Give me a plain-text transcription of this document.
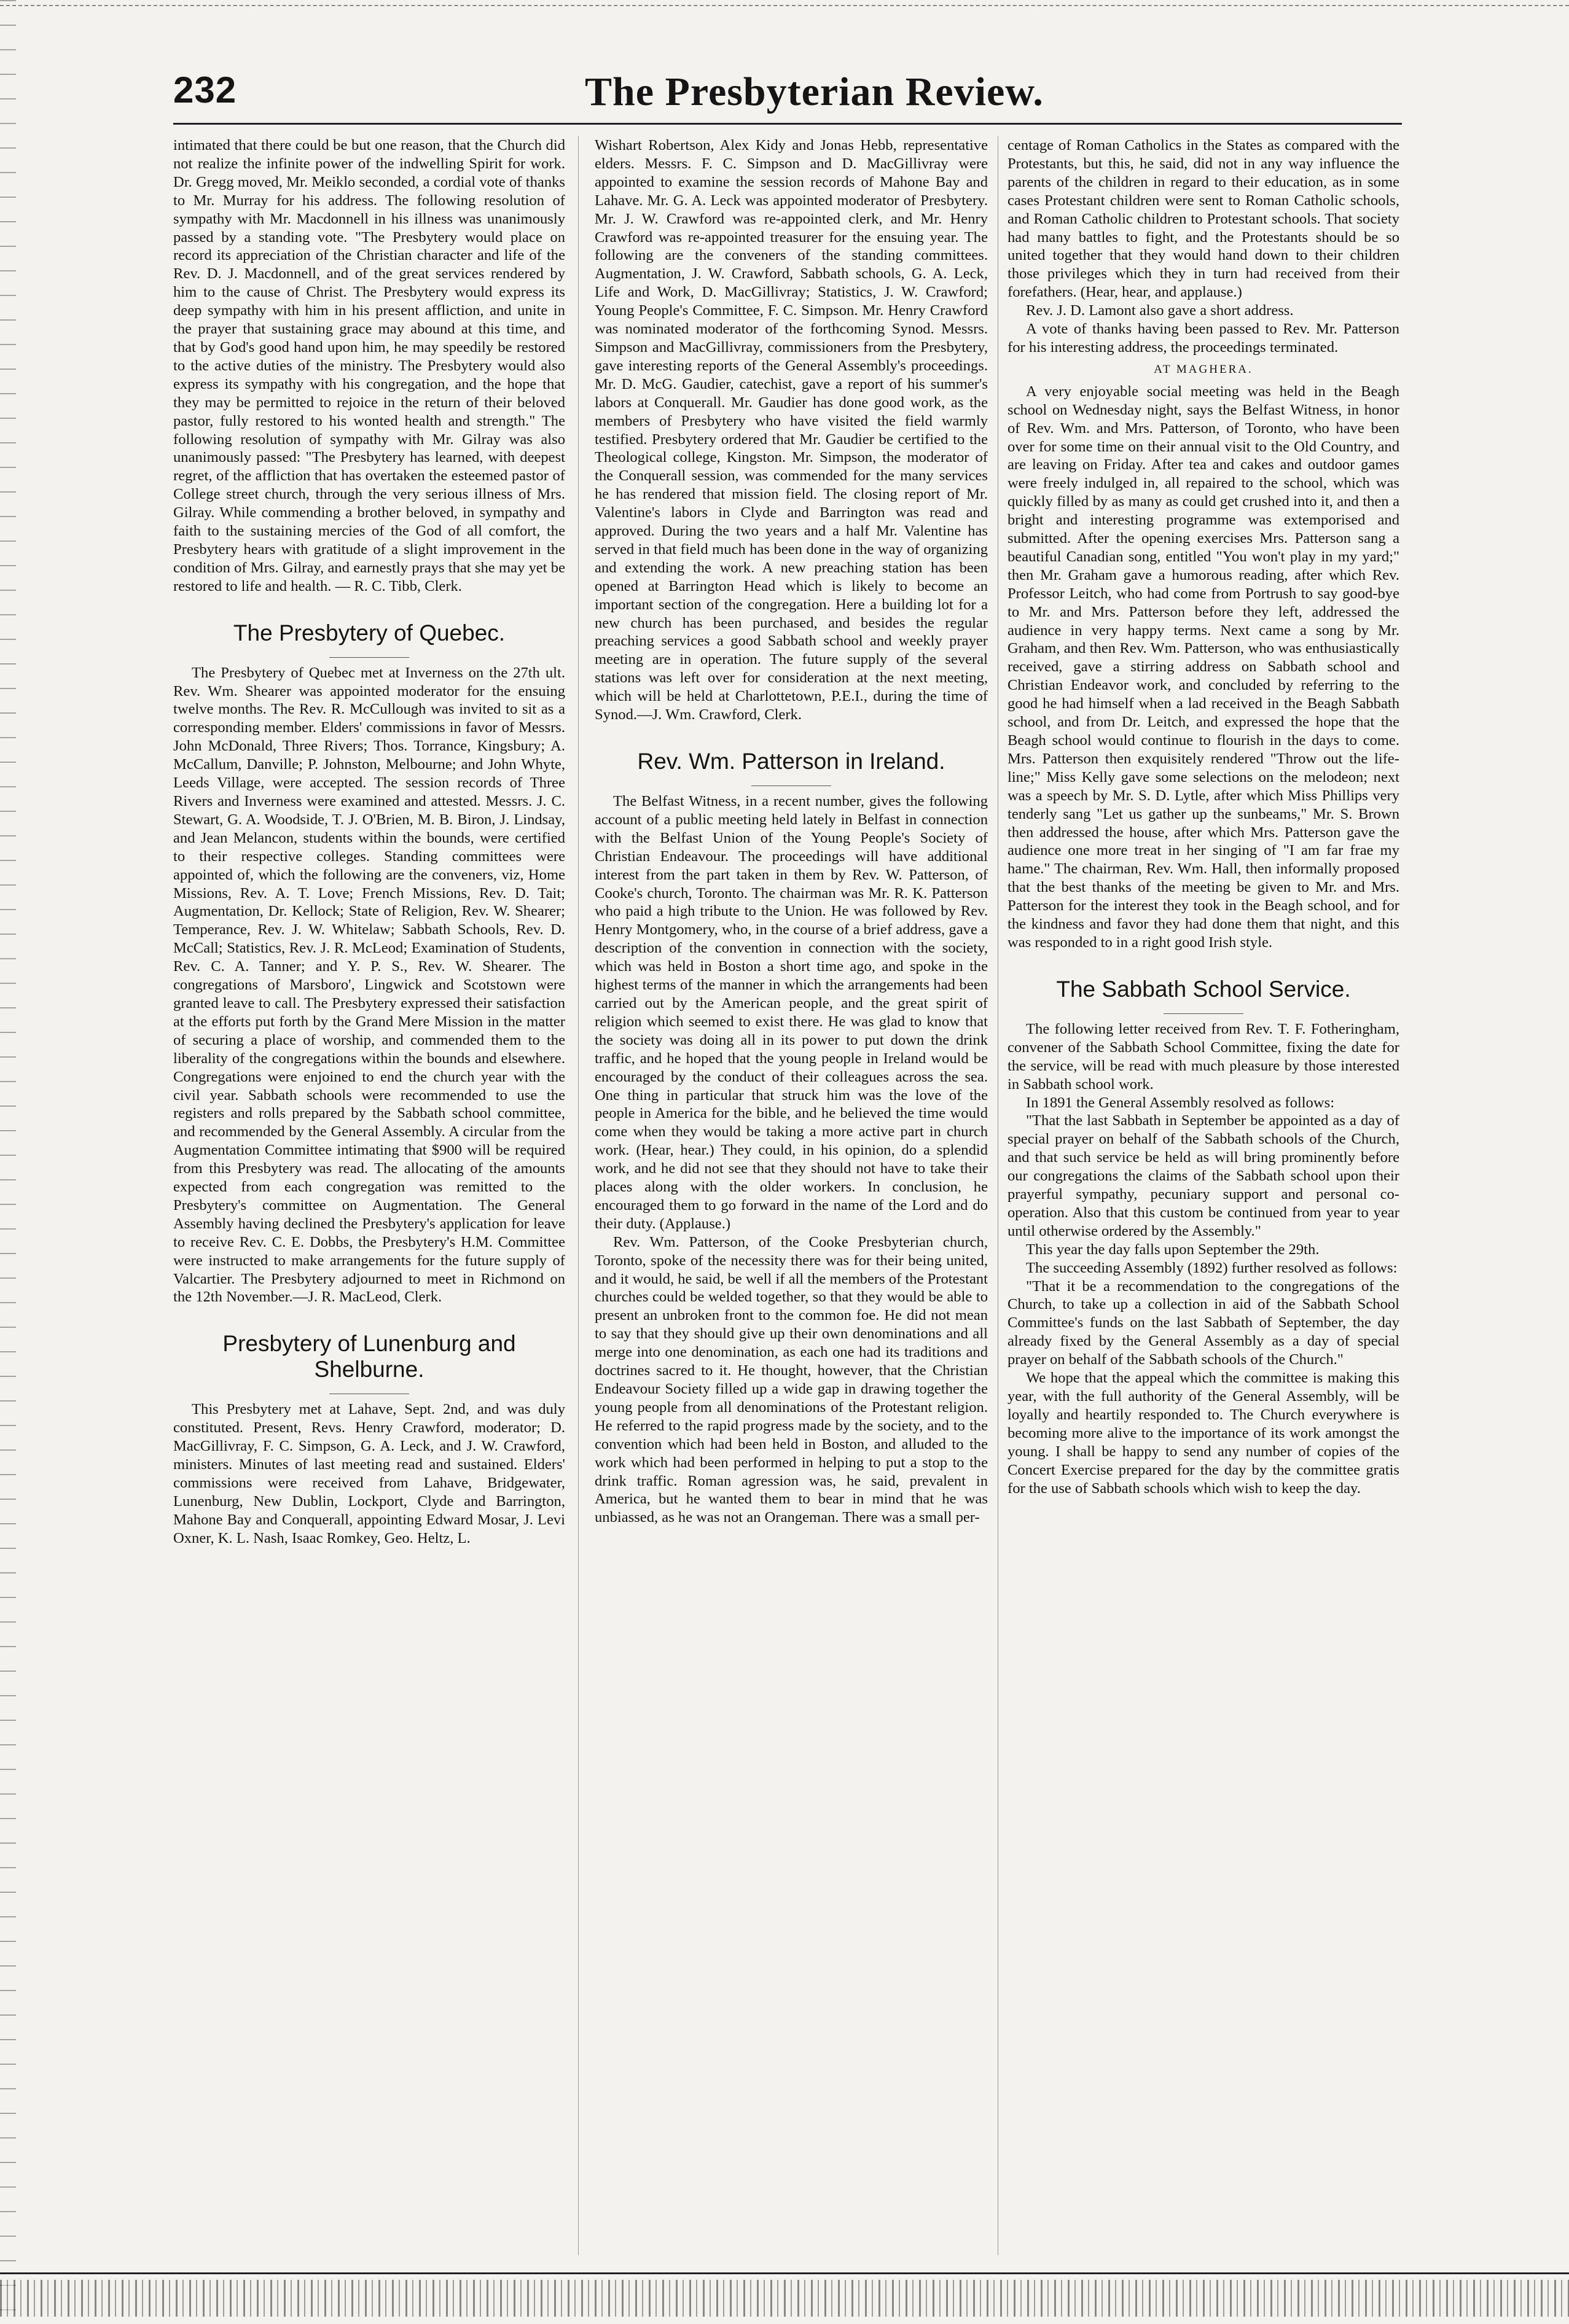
232	The Presbyterian Review.

intimated that there could be but one reason, that the Church did not realize the infinite power of the indwelling Spirit for work. Dr. Gregg moved, Mr. Meiklo seconded, a cordial vote of thanks to Mr. Murray for his address. The following resolution of sympathy with Mr. Macdonnell in his illness was unanimously passed by a standing vote. "The Presbytery would place on record its appreciation of the Christian character and life of the Rev. D. J. Macdonnell, and of the great services rendered by him to the cause of Christ. The Presbytery would express its deep sympathy with him in his present affliction, and unite in the prayer that sustaining grace may abound at this time, and that by God's good hand upon him, he may speedily be restored to the active duties of the ministry. The Presbytery would also express its sympathy with his congregation, and the hope that they may be permitted to rejoice in the return of their beloved pastor, fully restored to his wonted health and strength." The following resolution of sympathy with Mr. Gilray was also unanimously passed: "The Presbytery has learned, with deepest regret, of the affliction that has overtaken the esteemed pastor of College street church, through the very serious illness of Mrs. Gilray. While commending a brother beloved, in sympathy and faith to the sustaining mercies of the God of all comfort, the Presbytery hears with gratitude of a slight improvement in the condition of Mrs. Gilray, and earnestly prays that she may yet be restored to life and health. — R. C. Tibb, Clerk.

The Presbytery of Quebec.

The Presbytery of Quebec met at Inverness on the 27th ult. Rev. Wm. Shearer was appointed moderator for the ensuing twelve months. The Rev. R. McCullough was invited to sit as a corresponding member. Elders' commissions in favor of Messrs. John McDonald, Three Rivers; Thos. Torrance, Kingsbury; A. McCallum, Danville; P. Johnston, Melbourne; and John Whyte, Leeds Village, were accepted. The session records of Three Rivers and Inverness were examined and attested. Messrs. J. C. Stewart, G. A. Woodside, T. J. O'Brien, M. B. Biron, J. Lindsay, and Jean Melancon, students within the bounds, were certified to their respective colleges. Standing committees were appointed of, which the following are the conveners, viz, Home Missions, Rev. A. T. Love; French Missions, Rev. D. Tait; Augmentation, Dr. Kellock; State of Religion, Rev. W. Shearer; Temperance, Rev. J. W. Whitelaw; Sabbath Schools, Rev. D. McCall; Statistics, Rev. J. R. McLeod; Examination of Students, Rev. C. A. Tanner; and Y. P. S., Rev. W. Shearer. The congregations of Marsboro', Lingwick and Scotstown were granted leave to call. The Presbytery expressed their satisfaction at the efforts put forth by the Grand Mere Mission in the matter of securing a place of worship, and commended them to the liberality of the congregations within the bounds and elsewhere. Congregations were enjoined to end the church year with the civil year. Sabbath schools were recommended to use the registers and rolls prepared by the Sabbath school committee, and recommended by the General Assembly. A circular from the Augmentation Committee intimating that $900 will be required from this Presbytery was read. The allocating of the amounts expected from each congregation was remitted to the Presbytery's committee on Augmentation. The General Assembly having declined the Presbytery's application for leave to receive Rev. C. E. Dobbs, the Presbytery's H.M. Committee were instructed to make arrangements for the future supply of Valcartier. The Presbytery adjourned to meet in Richmond on the 12th November.—J. R. MacLeod, Clerk.

Presbytery of Lunenburg and Shelburne.

This Presbytery met at Lahave, Sept. 2nd, and was duly constituted. Present, Revs. Henry Crawford, moderator; D. MacGillivray, F. C. Simpson, G. A. Leck, and J. W. Crawford, ministers. Minutes of last meeting read and sustained. Elders' commissions were received from Lahave, Bridgewater, Lunenburg, New Dublin, Lockport, Clyde and Barrington, Mahone Bay and Conquerall, appointing Edward Mosar, J. Levi Oxner, K. L. Nash, Isaac Romkey, Geo. Heltz, L.

Wishart Robertson, Alex Kidy and Jonas Hebb, representative elders. Messrs. F. C. Simpson and D. MacGillivray were appointed to examine the session records of Mahone Bay and Lahave. Mr. G. A. Leck was appointed moderator of Presbytery. Mr. J. W. Crawford was re-appointed clerk, and Mr. Henry Crawford was re-appointed treasurer for the ensuing year. The following are the conveners of the standing committees. Augmentation, J. W. Crawford, Sabbath schools, G. A. Leck, Life and Work, D. MacGillivray; Statistics, J. W. Crawford; Young People's Committee, F. C. Simpson. Mr. Henry Crawford was nominated moderator of the forthcoming Synod. Messrs. Simpson and MacGillivray, commissioners from the Presbytery, gave interesting reports of the General Assembly's proceedings. Mr. D. McG. Gaudier, catechist, gave a report of his summer's labors at Conquerall. Mr. Gaudier has done good work, as the members of Presbytery who have visited the field warmly testified. Presbytery ordered that Mr. Gaudier be certified to the Theological college, Kingston. Mr. Simpson, the moderator of the Conquerall session, was commended for the many services he has rendered that mission field. The closing report of Mr. Valentine's labors in Clyde and Barrington was read and approved. During the two years and a half Mr. Valentine has served in that field much has been done in the way of organizing and extending the work. A new preaching station has been opened at Barrington Head which is likely to become an important section of the congregation. Here a building lot for a new church has been purchased, and besides the regular preaching services a good Sabbath school and weekly prayer meeting are in operation. The future supply of the several stations was left over for consideration at the next meeting, which will be held at Charlottetown, P.E.I., during the time of Synod.—J. Wm. Crawford, Clerk.

Rev. Wm. Patterson in Ireland.

The Belfast Witness, in a recent number, gives the following account of a public meeting held lately in Belfast in connection with the Belfast Union of the Young People's Society of Christian Endeavour. The proceedings will have additional interest from the part taken in them by Rev. W. Patterson, of Cooke's church, Toronto. The chairman was Mr. R. K. Patterson who paid a high tribute to the Union. He was followed by Rev. Henry Montgomery, who, in the course of a brief address, gave a description of the convention in connection with the society, which was held in Boston a short time ago, and spoke in the highest terms of the manner in which the arrangements had been carried out by the American people, and the great spirit of religion which seemed to exist there. He was glad to know that the society was doing all in its power to put down the drink traffic, and he hoped that the young people in Ireland would be encouraged by the conduct of their colleagues across the sea. One thing in particular that struck him was the love of the people in America for the bible, and he believed the time would come when they would be taking a more active part in church work. (Hear, hear.) They could, in his opinion, do a splendid work, and he did not see that they should not have to take their places along with the older workers. In conclusion, he encouraged them to go forward in the name of the Lord and do their duty. (Applause.)

Rev. Wm. Patterson, of the Cooke Presbyterian church, Toronto, spoke of the necessity there was for their being united, and it would, he said, be well if all the members of the Protestant churches could be welded together, so that they would be able to present an unbroken front to the common foe. He did not mean to say that they should give up their own denominations and all merge into one denomination, as each one had its traditions and doctrines sacred to it. He thought, however, that the Christian Endeavour Society filled up a wide gap in drawing together the young people from all denominations of the Protestant religion. He referred to the rapid progress made by the society, and to the convention which had been held in Boston, and alluded to the work which had been performed in helping to put a stop to the drink traffic. Roman agression was, he said, prevalent in America, but he wanted them to bear in mind that he was unbiassed, as he was not an Orangeman. There was a small per-

centage of Roman Catholics in the States as compared with the Protestants, but this, he said, did not in any way influence the parents of the children in regard to their education, as in some cases Protestant children were sent to Roman Catholic schools, and Roman Catholic children to Protestant schools. That society had many battles to fight, and the Protestants should be so united together that they would hand down to their children those privileges which they in turn had received from their forefathers. (Hear, hear, and applause.)

Rev. J. D. Lamont also gave a short address.

A vote of thanks having been passed to Rev. Mr. Patterson for his interesting address, the proceedings terminated.

AT MAGHERA.

A very enjoyable social meeting was held in the Beagh school on Wednesday night, says the Belfast Witness, in honor of Rev. Wm. and Mrs. Patterson, of Toronto, who have been over for some time on their annual visit to the Old Country, and are leaving on Friday. After tea and cakes and outdoor games were freely indulged in, all repaired to the school, which was quickly filled by as many as could get crushed into it, and then a bright and interesting programme was extemporised and submitted. After the opening exercises Mrs. Patterson sang a beautiful Canadian song, entitled "You won't play in my yard;" then Mr. Graham gave a humorous reading, after which Rev. Professor Leitch, who had come from Portrush to say good-bye to Mr. and Mrs. Patterson before they left, addressed the audience in very happy terms. Next came a song by Mr. Graham, and then Rev. Wm. Patterson, who was enthusiastically received, gave a stirring address on Sabbath school and Christian Endeavor work, and concluded by referring to the good he had himself when a lad received in the Beagh Sabbath school, and from Dr. Leitch, and expressed the hope that the Beagh school would continue to flourish in the days to come. Mrs. Patterson then exquisitely rendered "Throw out the life-line;" Miss Kelly gave some selections on the melodeon; next was a speech by Mr. S. D. Lytle, after which Miss Phillips very tenderly sang "Let us gather up the sunbeams," Mr. S. Brown then addressed the house, after which Mrs. Patterson gave the audience one more treat in her singing of "I am far frae my hame." The chairman, Rev. Wm. Hall, then informally proposed that the best thanks of the meeting be given to Mr. and Mrs. Patterson for the interest they took in the Beagh school, and for the kindness and favor they had done them that night, and this was responded to in a right good Irish style.

The Sabbath School Service.

The following letter received from Rev. T. F. Fotheringham, convener of the Sabbath School Committee, fixing the date for the service, will be read with much pleasure by those interested in Sabbath school work.

In 1891 the General Assembly resolved as follows:

"That the last Sabbath in September be appointed as a day of special prayer on behalf of the Sabbath schools of the Church, and that such service be held as will bring prominently before our congregations the claims of the Sabbath school upon their prayerful sympathy, pecuniary support and personal co-operation. Also that this custom be continued from year to year until otherwise ordered by the Assembly."

This year the day falls upon September the 29th.

The succeeding Assembly (1892) further resolved as follows:

"That it be a recommendation to the congregations of the Church, to take up a collection in aid of the Sabbath School Committee's funds on the last Sabbath of September, the day already fixed by the General Assembly as a day of special prayer on behalf of the Sabbath schools of the Church."

We hope that the appeal which the committee is making this year, with the full authority of the General Assembly, will be loyally and heartily responded to. The Church everywhere is becoming more alive to the importance of its work amongst the young. I shall be happy to send any number of copies of the Concert Exercise prepared for the day by the committee gratis for the use of Sabbath schools which wish to keep the day.
